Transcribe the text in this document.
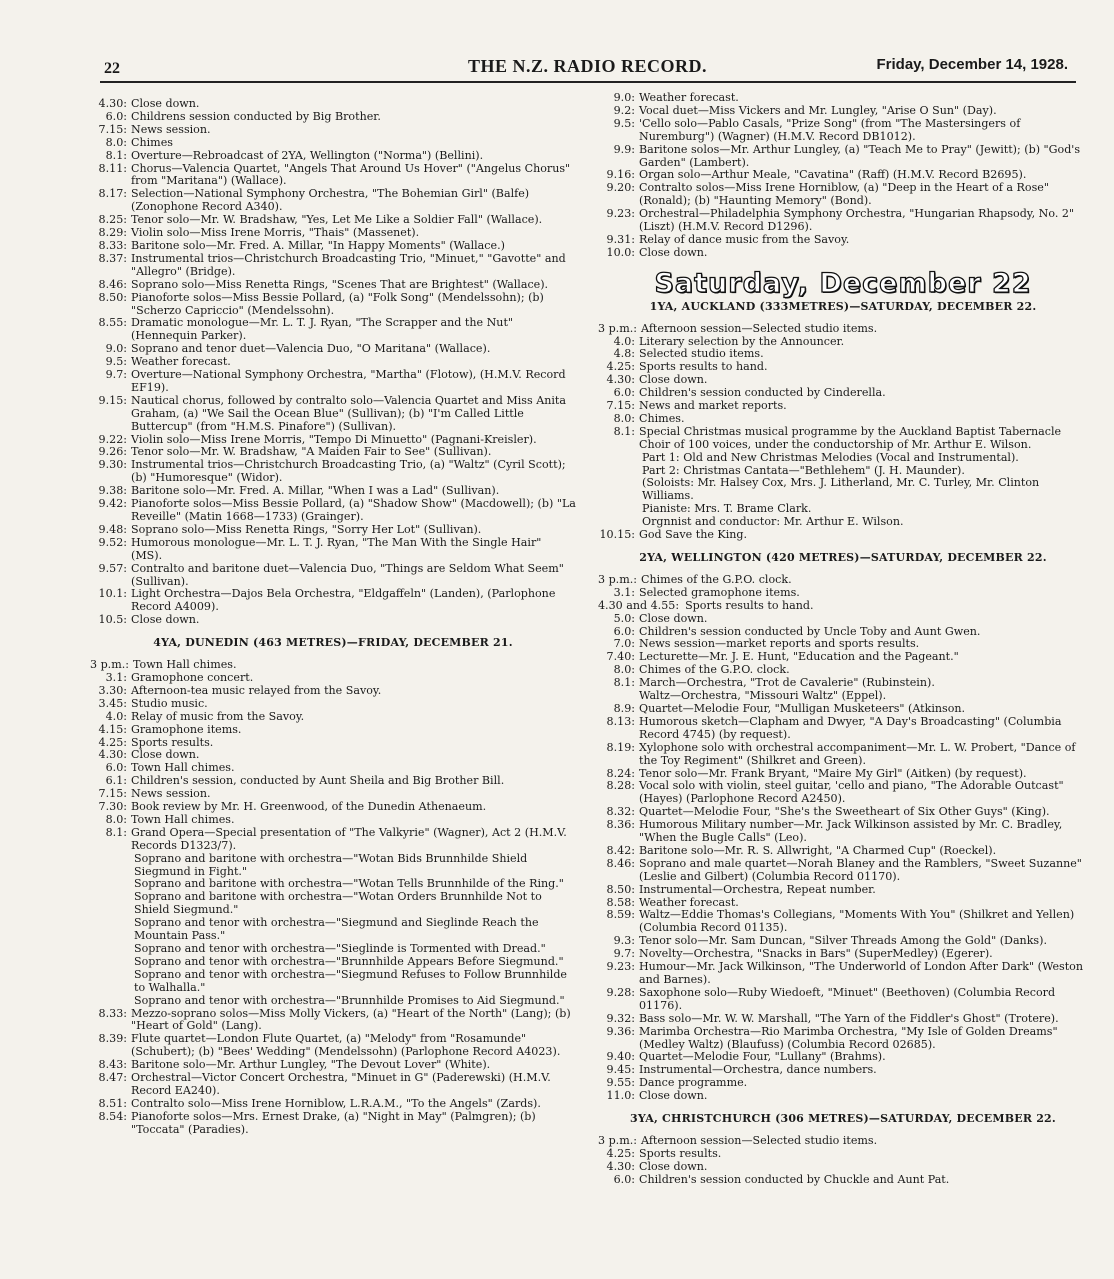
22	THE N.Z. RADIO RECORD.	Friday, December 14, 1928.
4.30: Close down.
6.0: Childrens session conducted by Big Brother.
7.15: News session.
8.0: Chimes
8.1: Overture—Rebroadcast of 2YA, Wellington ("Norma") (Bellini).
8.11: Chorus—Valencia Quartet, "Angels That Around Us Hover" ("Angelus Chorus" from "Maritana") (Wallace).
8.17: Selection—National Symphony Orchestra, "The Bohemian Girl" (Balfe) (Zonophone Record A340).
8.25: Tenor solo—Mr. W. Bradshaw, "Yes, Let Me Like a Soldier Fall" (Wallace).
8.29: Violin solo—Miss Irene Morris, "Thais" (Massenet).
8.33: Baritone solo—Mr. Fred. A. Millar, "In Happy Moments" (Wallace.)
8.37: Instrumental trios—Christchurch Broadcasting Trio, "Minuet," "Gavotte" and "Allegro" (Bridge).
8.46: Soprano solo—Miss Renetta Rings, "Scenes That are Brightest" (Wallace).
8.50: Pianoforte solos—Miss Bessie Pollard, (a) "Folk Song" (Mendelssohn); (b) "Scherzo Capriccio" (Mendelssohn).
8.55: Dramatic monologue—Mr. L. T. J. Ryan, "The Scrapper and the Nut" (Hennequin Parker).
9.0: Soprano and tenor duet—Valencia Duo, "O Maritana" (Wallace).
9.5: Weather forecast.
9.7: Overture—National Symphony Orchestra, "Martha" (Flotow), (H.M.V. Record EF19).
9.15: Nautical chorus, followed by contralto solo—Valencia Quartet and Miss Anita Graham, (a) "We Sail the Ocean Blue" (Sullivan); (b) "I'm Called Little Buttercup" (from "H.M.S. Pinafore") (Sullivan).
9.22: Violin solo—Miss Irene Morris, "Tempo Di Minuetto" (Pagnani-Kreisler).
9.26: Tenor solo—Mr. W. Bradshaw, "A Maiden Fair to See" (Sullivan).
9.30: Instrumental trios—Christchurch Broadcasting Trio, (a) "Waltz" (Cyril Scott); (b) "Humoresque" (Widor).
9.38: Baritone solo—Mr. Fred. A. Millar, "When I was a Lad" (Sullivan).
9.42: Pianoforte solos—Miss Bessie Pollard, (a) "Shadow Show" (Macdowell); (b) "La Reveille" (Matin 1668—1733) (Grainger).
9.48: Soprano solo—Miss Renetta Rings, "Sorry Her Lot" (Sullivan).
9.52: Humorous monologue—Mr. L. T. J. Ryan, "The Man With the Single Hair" (MS).
9.57: Contralto and baritone duet—Valencia Duo, "Things are Seldom What Seem" (Sullivan).
10.1: Light Orchestra—Dajos Bela Orchestra, "Eldgaffeln" (Landen), (Parlophone Record A4009).
10.5: Close down.
4YA, DUNEDIN (463 METRES)—FRIDAY, DECEMBER 21.
3 p.m.: Town Hall chimes.
3.1: Gramophone concert.
3.30: Afternoon-tea music relayed from the Savoy.
3.45: Studio music.
4.0: Relay of music from the Savoy.
4.15: Gramophone items.
4.25: Sports results.
4.30: Close down.
6.0: Town Hall chimes.
6.1: Children's session, conducted by Aunt Sheila and Big Brother Bill.
7.15: News session.
7.30: Book review by Mr. H. Greenwood, of the Dunedin Athenaeum.
8.0: Town Hall chimes.
8.1: Grand Opera—Special presentation of "The Valkyrie" (Wagner), Act 2 (H.M.V. Records D1323/7).
Soprano and baritone with orchestra—"Wotan Bids Brunnhilde Shield Siegmund in Fight."
Soprano and baritone with orchestra—"Wotan Tells Brunnhilde of the Ring."
Soprano and baritone with orchestra—"Wotan Orders Brunnhilde Not to Shield Siegmund."
Soprano and tenor with orchestra—"Siegmund and Sieglinde Reach the Mountain Pass."
Soprano and tenor with orchestra—"Sieglinde is Tormented with Dread."
Soprano and tenor with orchestra—"Brunnhilde Appears Before Siegmund."
Soprano and tenor with orchestra—"Siegmund Refuses to Follow Brunnhilde to Walhalla."
Soprano and tenor with orchestra—"Brunnhilde Promises to Aid Siegmund."
8.33: Mezzo-soprano solos—Miss Molly Vickers, (a) "Heart of the North" (Lang); (b) "Heart of Gold" (Lang).
8.39: Flute quartet—London Flute Quartet, (a) "Melody" from "Rosamunde" (Schubert); (b) "Bees' Wedding" (Mendelssohn) (Parlophone Record A4023).
8.43: Baritone solo—Mr. Arthur Lungley, "The Devout Lover" (White).
8.47: Orchestral—Victor Concert Orchestra, "Minuet in G" (Paderewski) (H.M.V. Record EA240).
8.51: Contralto solo—Miss Irene Horniblow, L.R.A.M., "To the Angels" (Zards).
8.54: Pianoforte solos—Mrs. Ernest Drake, (a) "Night in May" (Palmgren); (b) "Toccata" (Paradies).
9.0: Weather forecast.
9.2: Vocal duet—Miss Vickers and Mr. Lungley, "Arise O Sun" (Day).
9.5: 'Cello solo—Pablo Casals, "Prize Song" (from "The Mastersingers of Nuremburg") (Wagner) (H.M.V. Record DB1012).
9.9: Baritone solos—Mr. Arthur Lungley, (a) "Teach Me to Pray" (Jewitt); (b) "God's Garden" (Lambert).
9.16: Organ solo—Arthur Meale, "Cavatina" (Raff) (H.M.V. Record B2695).
9.20: Contralto solos—Miss Irene Horniblow, (a) "Deep in the Heart of a Rose" (Ronald); (b) "Haunting Memory" (Bond).
9.23: Orchestral—Philadelphia Symphony Orchestra, "Hungarian Rhapsody, No. 2" (Liszt) (H.M.V. Record D1296).
9.31: Relay of dance music from the Savoy.
10.0: Close down.
Saturday, December 22
1YA, AUCKLAND (333METRES)—SATURDAY, DECEMBER 22.
3 p.m.: Afternoon session—Selected studio items.
4.0: Literary selection by the Announcer.
4.8: Selected studio items.
4.25: Sports results to hand.
4.30: Close down.
6.0: Children's session conducted by Cinderella.
7.15: News and market reports.
8.0: Chimes.
8.1: Special Christmas musical programme by the Auckland Baptist Tabernacle Choir of 100 voices, under the conductorship of Mr. Arthur E. Wilson.
Part 1: Old and New Christmas Melodies (Vocal and Instrumental).
Part 2: Christmas Cantata—"Bethlehem" (J. H. Maunder).
(Soloists: Mr. Halsey Cox, Mrs. J. Litherland, Mr. C. Turley, Mr. Clinton Williams.
Pianiste: Mrs. T. Brame Clark.
Orgnnist and conductor: Mr. Arthur E. Wilson.
10.15: God Save the King.
2YA, WELLINGTON (420 METRES)—SATURDAY, DECEMBER 22.
3 p.m.: Chimes of the G.P.O. clock.
3.1: Selected gramophone items.
4.30 and 4.55: Sports results to hand.
5.0: Close down.
6.0: Children's session conducted by Uncle Toby and Aunt Gwen.
7.0: News session—market reports and sports results.
7.40: Lecturette—Mr. J. E. Hunt, "Education and the Pageant."
8.0: Chimes of the G.P.O. clock.
8.1: March—Orchestra, "Trot de Cavalerie" (Rubinstein).
Waltz—Orchestra, "Missouri Waltz" (Eppel).
8.9: Quartet—Melodie Four, "Mulligan Musketeers" (Atkinson.
8.13: Humorous sketch—Clapham and Dwyer, "A Day's Broadcasting" (Columbia Record 4745) (by request).
8.19: Xylophone solo with orchestral accompaniment—Mr. L. W. Probert, "Dance of the Toy Regiment" (Shilkret and Green).
8.24: Tenor solo—Mr. Frank Bryant, "Maire My Girl" (Aitken) (by request).
8.28: Vocal solo with violin, steel guitar, 'cello and piano, "The Adorable Outcast" (Hayes) (Parlophone Record A2450).
8.32: Quartet—Melodie Four, "She's the Sweetheart of Six Other Guys" (King).
8.36: Humorous Military number—Mr. Jack Wilkinson assisted by Mr. C. Bradley, "When the Bugle Calls" (Leo).
8.42: Baritone solo—Mr. R. S. Allwright, "A Charmed Cup" (Roeckel).
8.46: Soprano and male quartet—Norah Blaney and the Ramblers, "Sweet Suzanne" (Leslie and Gilbert) (Columbia Record 01170).
8.50: Instrumental—Orchestra, Repeat number.
8.58: Weather forecast.
8.59: Waltz—Eddie Thomas's Collegians, "Moments With You" (Shilkret and Yellen) (Columbia Record 01135).
9.3: Tenor solo—Mr. Sam Duncan, "Silver Threads Among the Gold" (Danks).
9.7: Novelty—Orchestra, "Snacks in Bars" (SuperMedley) (Egerer).
9.23: Humour—Mr. Jack Wilkinson, "The Underworld of London After Dark" (Weston and Barnes).
9.28: Saxophone solo—Ruby Wiedoeft, "Minuet" (Beethoven) (Columbia Record 01176).
9.32: Bass solo—Mr. W. W. Marshall, "The Yarn of the Fiddler's Ghost" (Trotere).
9.36: Marimba Orchestra—Rio Marimba Orchestra, "My Isle of Golden Dreams" (Medley Waltz) (Blaufuss) (Columbia Record 02685).
9.40: Quartet—Melodie Four, "Lullany" (Brahms).
9.45: Instrumental—Orchestra, dance numbers.
9.55: Dance programme.
11.0: Close down.
3YA, CHRISTCHURCH (306 METRES)—SATURDAY, DECEMBER 22.
3 p.m.: Afternoon session—Selected studio items.
4.25: Sports results.
4.30: Close down.
6.0: Children's session conducted by Chuckle and Aunt Pat.
